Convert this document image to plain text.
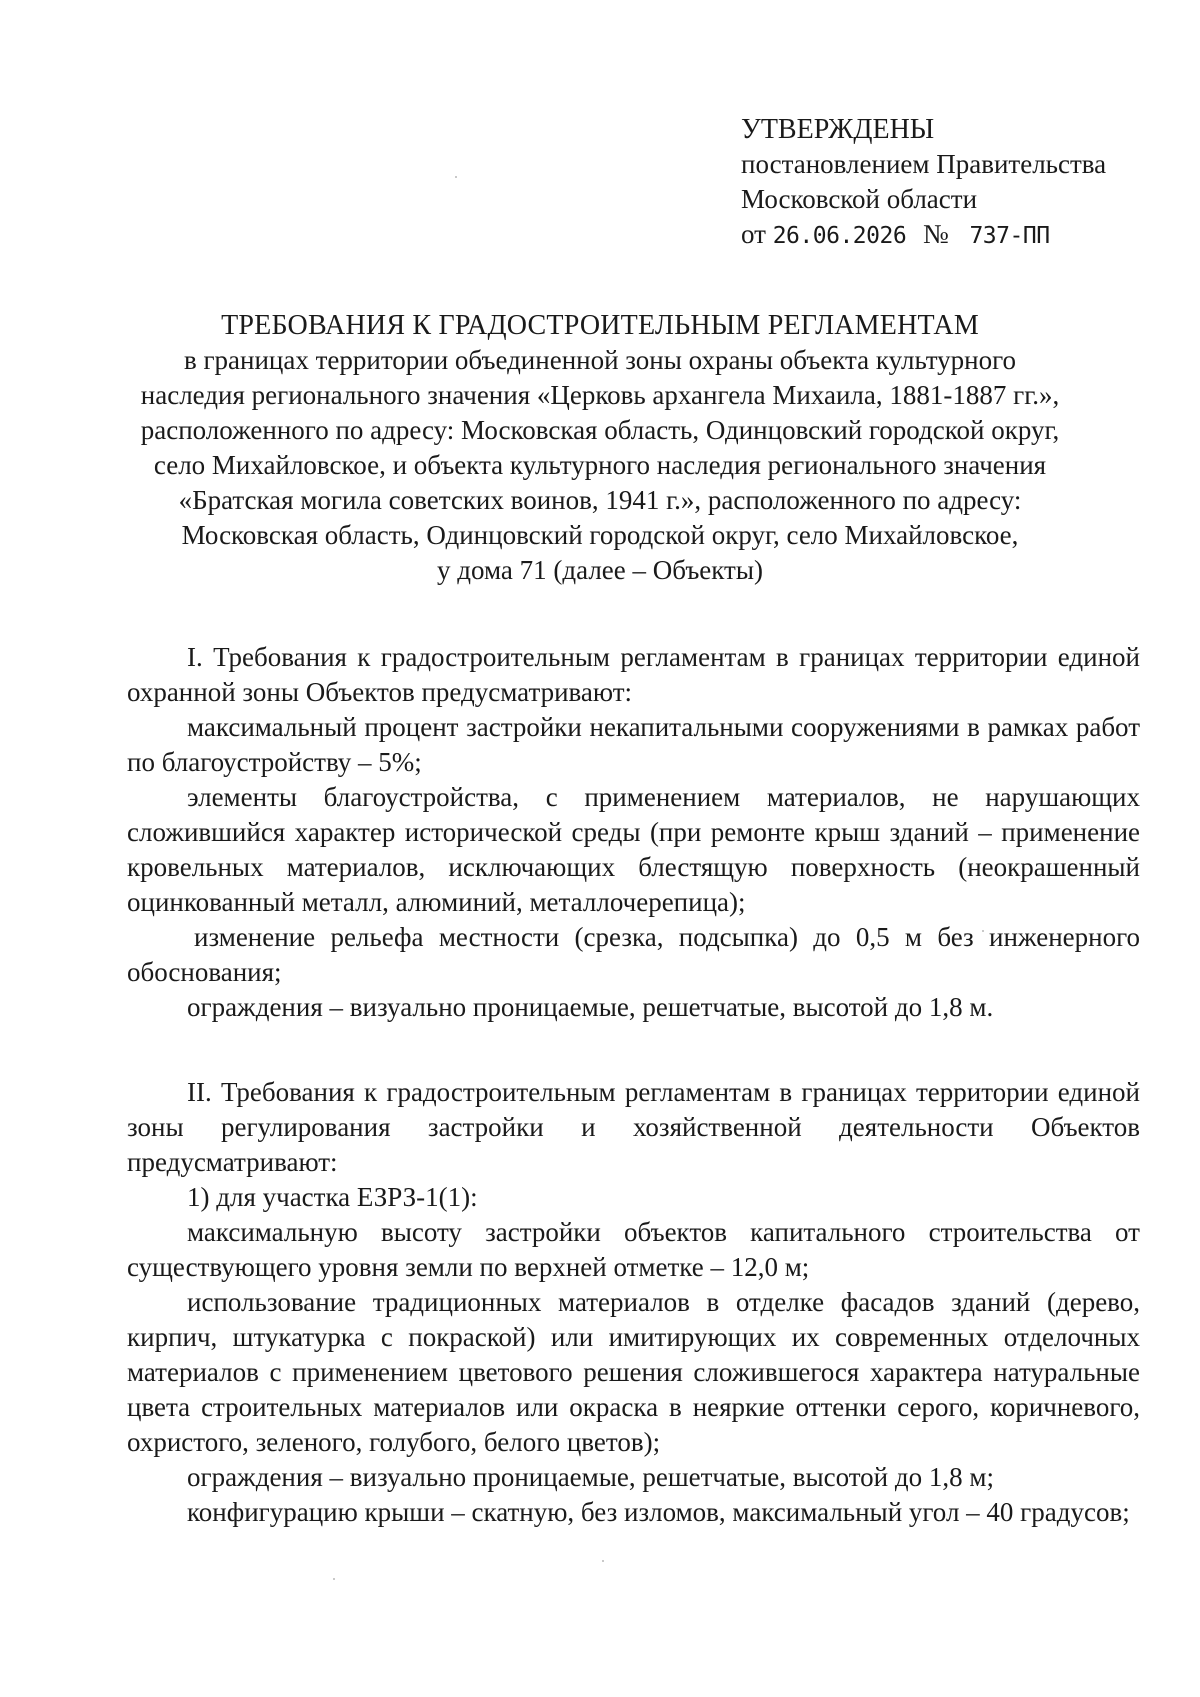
УТВЕРЖДЕНЫ
постановлением Правительства
Московской области
от 26.06.2026 № 737-ПП
ТРЕБОВАНИЯ К ГРАДОСТРОИТЕЛЬНЫМ РЕГЛАМЕНТАМ
в границах территории объединенной зоны охраны объекта культурного
наследия регионального значения «Церковь архангела Михаила, 1881-1887 гг.»,
расположенного по адресу: Московская область, Одинцовский городской округ,
село Михайловское, и объекта культурного наследия регионального значения
«Братская могила советских воинов, 1941 г.», расположенного по адресу:
Московская область, Одинцовский городской округ, село Михайловское,
у дома 71 (далее – Объекты)

I. Требования к градостроительным регламентам в границах территории единой охранной зоны Объектов предусматривают:

максимальный процент застройки некапитальными сооружениями в рамках работ по благоустройству – 5%;

элементы благоустройства, с применением материалов, не нарушающих сложившийся характер исторической среды (при ремонте крыш зданий – применение кровельных материалов, исключающих блестящую поверхность (неокрашенный оцинкованный металл, алюминий, металлочерепица);

изменение рельефа местности (срезка, подсыпка) до 0,5 м без инженерного обоснования;

ограждения – визуально проницаемые, решетчатые, высотой до 1,8 м.

II. Требования к градостроительным регламентам в границах территории единой зоны регулирования застройки и хозяйственной деятельности Объектов предусматривают:

1) для участка ЕЗРЗ-1(1):

максимальную высоту застройки объектов капитального строительства от существующего уровня земли по верхней отметке – 12,0 м;

использование традиционных материалов в отделке фасадов зданий (дерево, кирпич, штукатурка с покраской) или имитирующих их современных отделочных материалов с применением цветового решения сложившегося характера натуральные цвета строительных материалов или окраска в неяркие оттенки серого, коричневого, охристого, зеленого, голубого, белого цветов);

ограждения – визуально проницаемые, решетчатые, высотой до 1,8 м;

конфигурацию крыши – скатную, без изломов, максимальный угол – 40 градусов;
